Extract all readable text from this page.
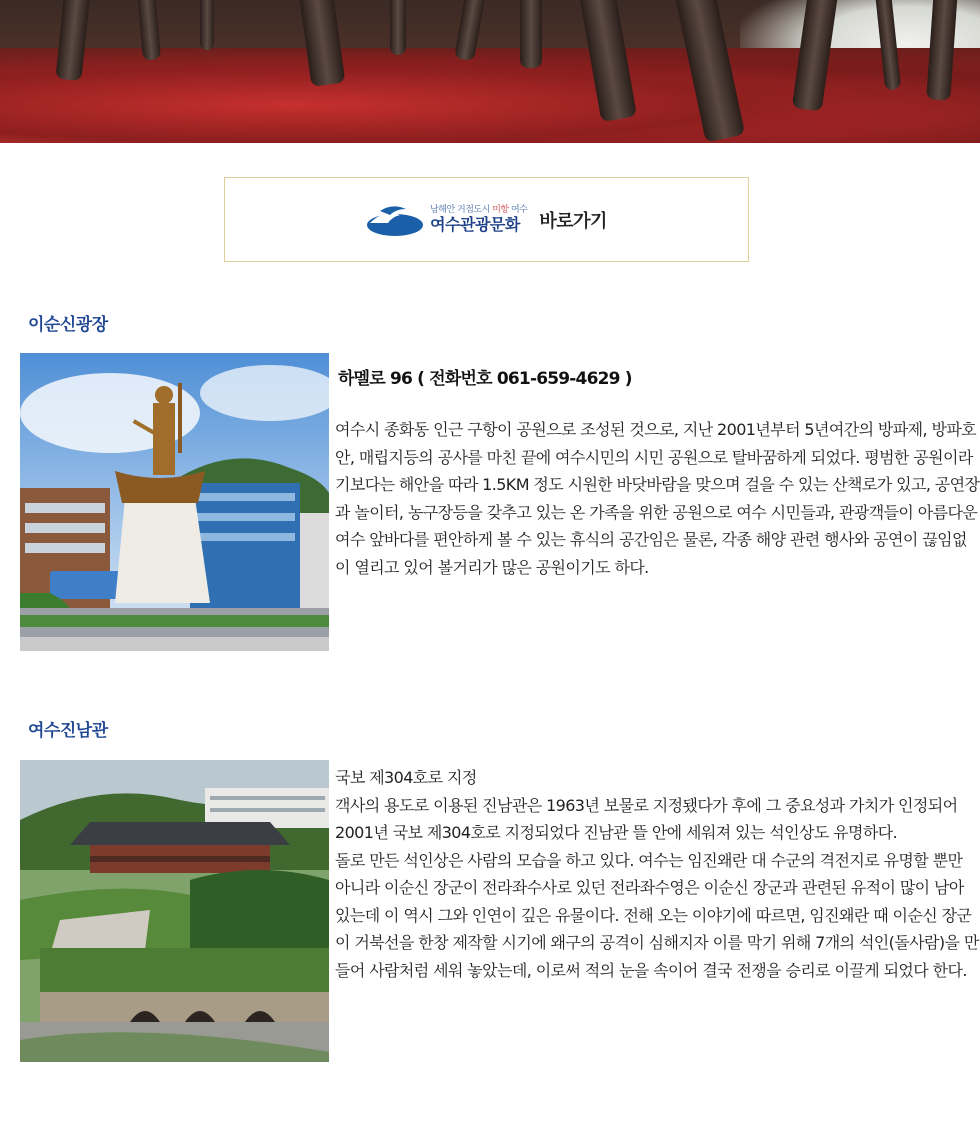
남해안 거점도시 미항 여수
여수관광문화	바로가기
이순신광장
하멜로 96 ( 전화번호 061-659-4629 )

여수시 종화동 인근 구항이 공원으로 조성된 것으로, 지난 2001년부터 5년여간의 방파제, 방파호안, 매립지등의 공사를 마친 끝에 여수시민의 시민 공원으로 탈바꿈하게 되었다. 평범한 공원이라기보다는 해안을 따라 1.5KM 정도 시원한 바닷바람을 맞으며 걸을 수 있는 산책로가 있고, 공연장과 놀이터, 농구장등을 갖추고 있는 온 가족을 위한 공원으로 여수 시민들과, 관광객들이 아름다운 여수 앞바다를 편안하게 볼 수 있는 휴식의 공간임은 물론, 각종 해양 관련 행사와 공연이 끊임없이 열리고 있어 볼거리가 많은 공원이기도 하다.

여수진남관

국보 제304호로 지정

객사의 용도로 이용된 진남관은 1963년 보물로 지정됐다가 후에 그 중요성과 가치가 인정되어 2001년 국보 제304호로 지정되었다 진남관 뜰 안에 세워져 있는 석인상도 유명하다.

돌로 만든 석인상은 사람의 모습을 하고 있다. 여수는 임진왜란 대 수군의 격전지로 유명할 뿐만 아니라 이순신 장군이 전라좌수사로 있던 전라좌수영은 이순신 장군과 관련된 유적이 많이 남아 있는데 이 역시 그와 인연이 깊은 유물이다. 전해 오는 이야기에 따르면, 임진왜란 때 이순신 장군이 거북선을 한창 제작할 시기에 왜구의 공격이 심해지자 이를 막기 위해 7개의 석인(돌사람)을 만들어 사람처럼 세워 놓았는데, 이로써 적의 눈을 속이어 결국 전쟁을 승리로 이끌게 되었다 한다.
